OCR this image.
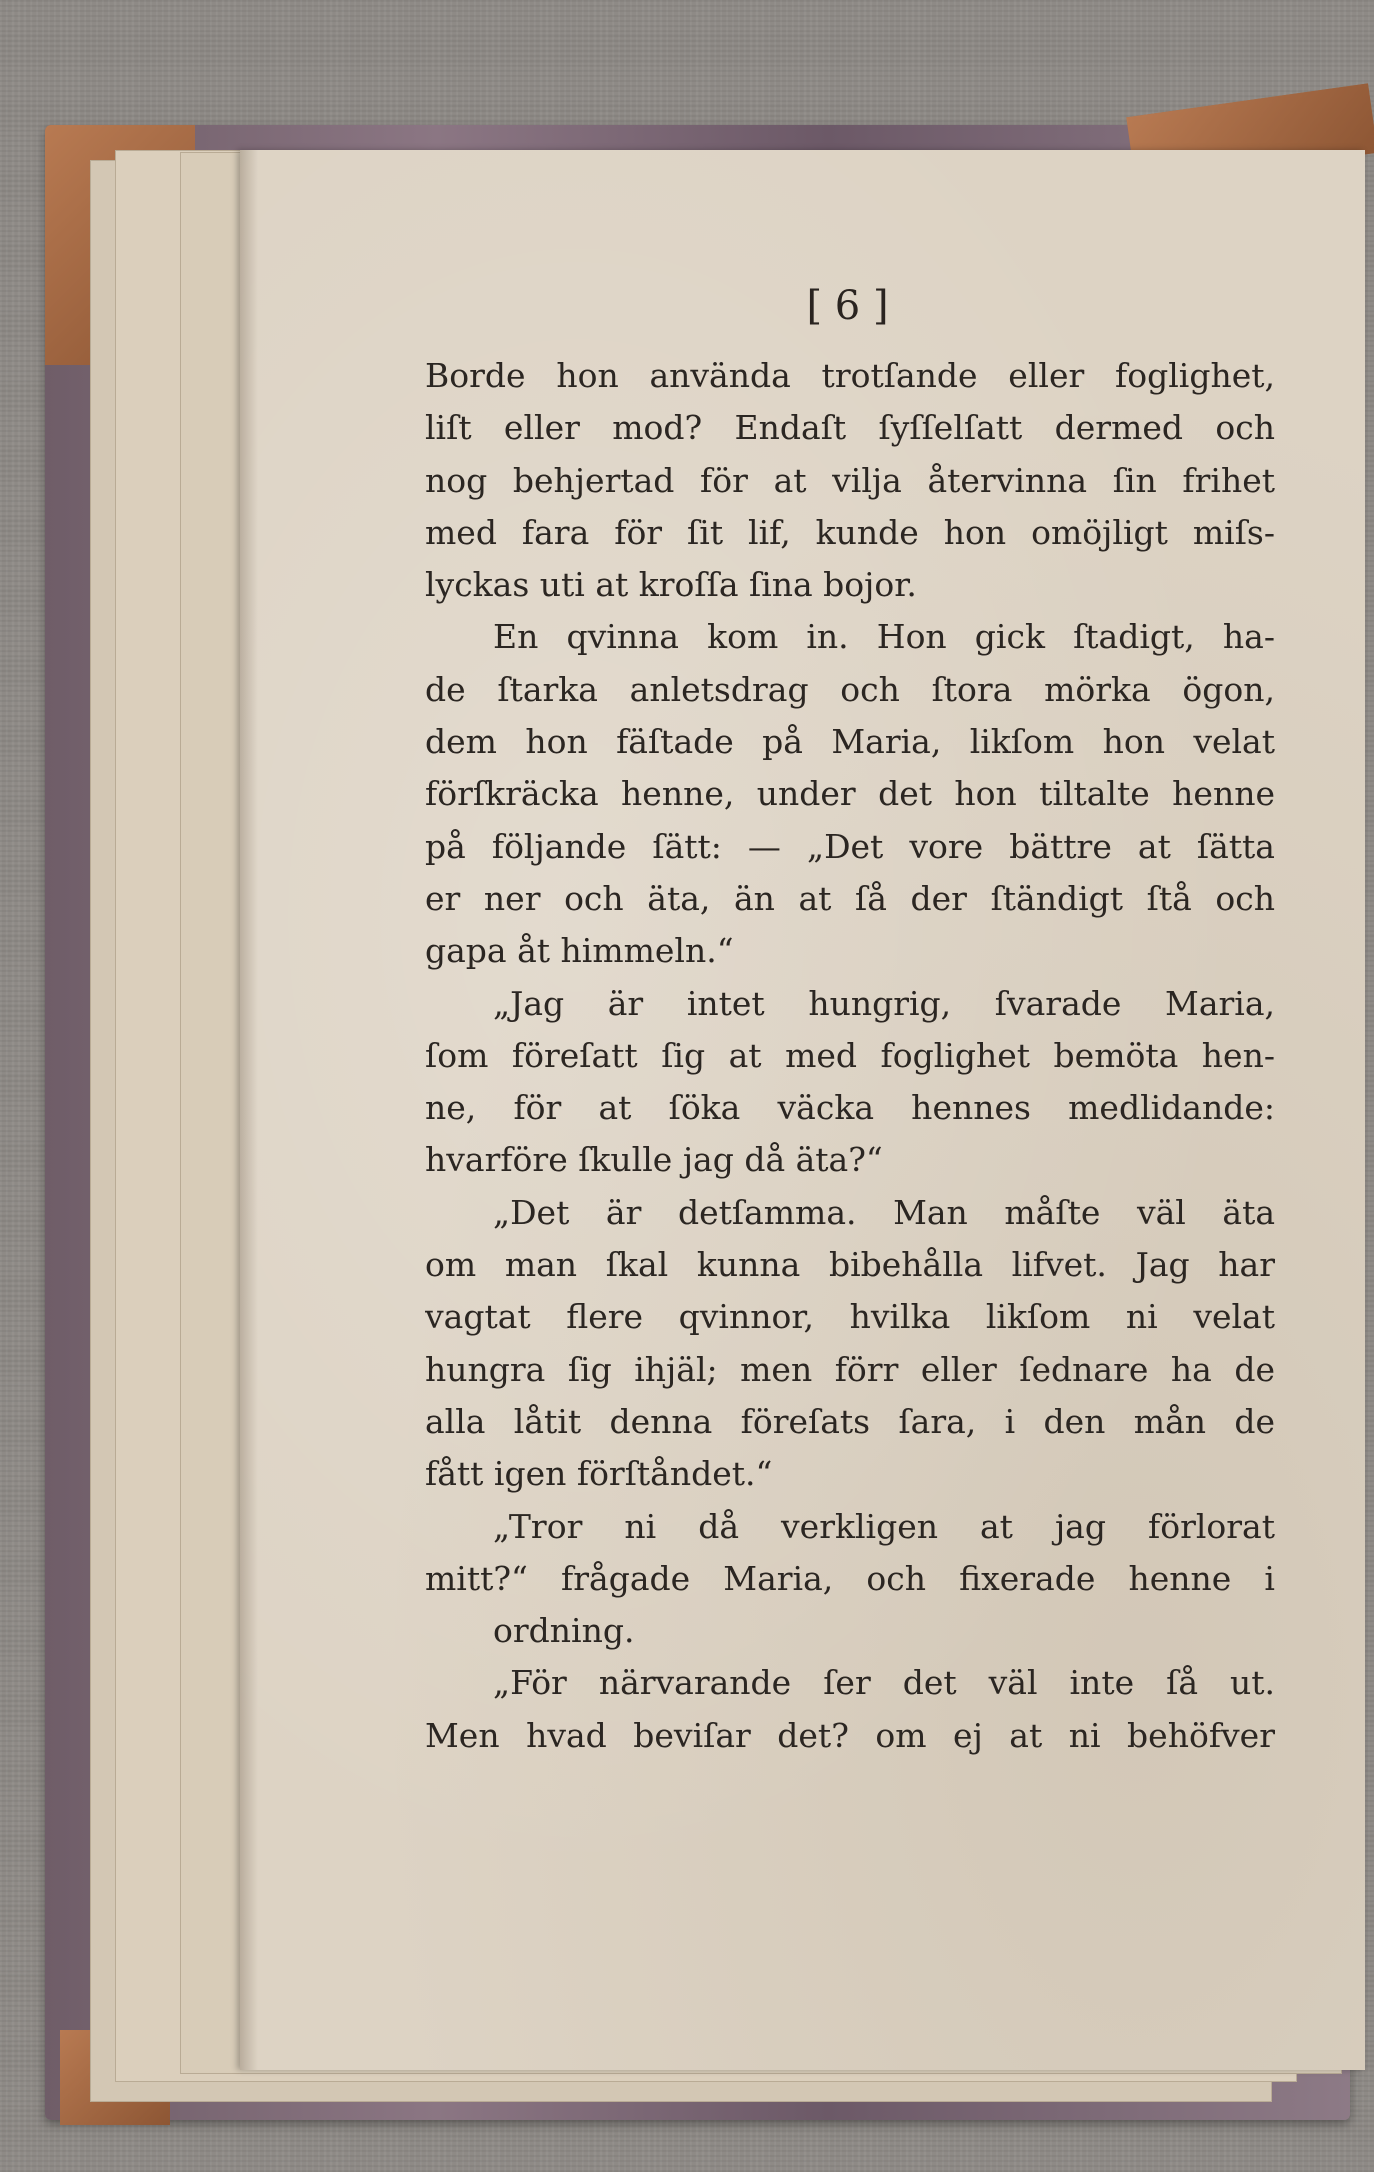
[ 6 ]
Borde hon använda trotſande eller foglighet,
liſt eller mod? Endaſt ſyſſelſatt dermed och
nog behjertad för at vilja återvinna ſin frihet
med fara för ſit lif, kunde hon omöjligt miſs-
lyckas uti at kroſſa ſina bojor.
En qvinna kom in. Hon gick ſtadigt, ha-
de ſtarka anletsdrag och ſtora mörka ögon,
dem hon fäſtade på Maria, likſom hon velat
förſkräcka henne, under det hon tiltalte henne
på följande ſätt: — „Det vore bättre at ſätta
er ner och äta, än at ſå der ſtändigt ſtå och
gapa åt himmeln.“
„Jag är intet hungrig, ſvarade Maria,
ſom föreſatt ſig at med foglighet bemöta hen-
ne, för at ſöka väcka hennes medlidande:
hvarföre ſkulle jag då äta?“
„Det är detſamma. Man måſte väl äta
om man ſkal kunna bibehålla lifvet. Jag har
vagtat flere qvinnor, hvilka likſom ni velat
hungra ſig ihjäl; men förr eller ſednare ha de
alla låtit denna föreſats ſara, i den mån de
fått igen förſtåndet.“
„Tror ni då verkligen at jag förlorat
mitt?“ frågade Maria, och fixerade henne i
ordning.
„För närvarande ſer det väl inte ſå ut.
Men hvad beviſar det? om ej at ni behöfver
